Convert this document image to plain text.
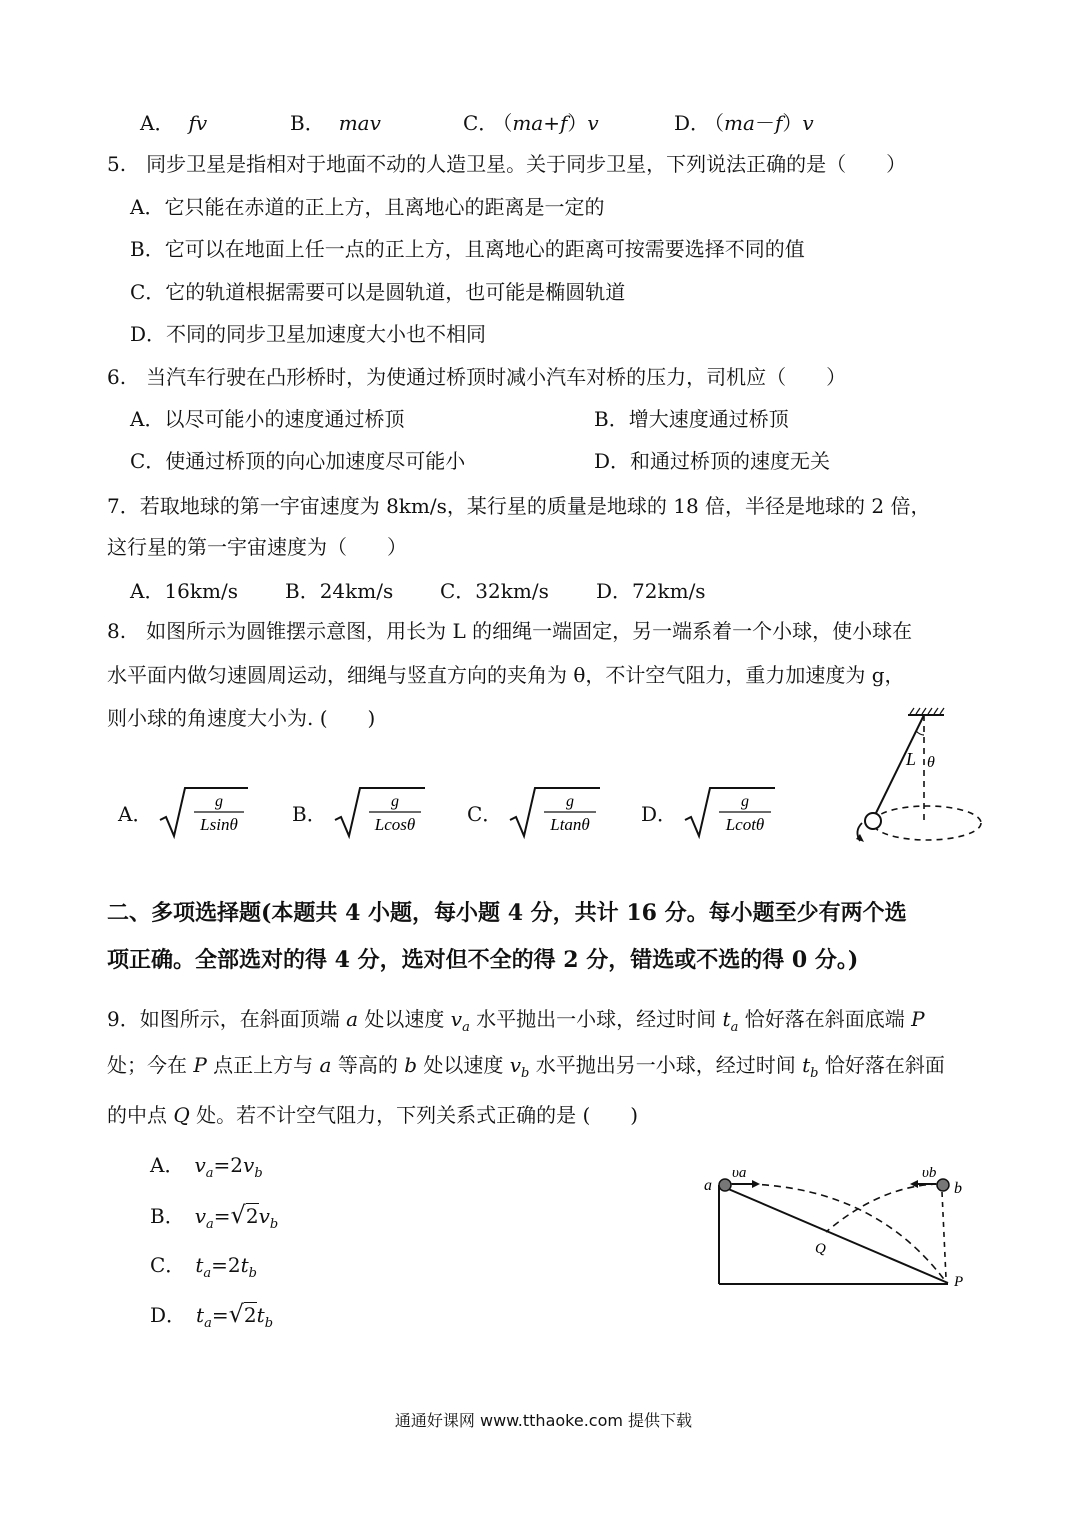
A． fv	B． mav	C． （ma+f）v	D． （ma－f）v
5.　同步卫星是指相对于地面不动的人造卫星。关于同步卫星，下列说法正确的是（　　）
A．它只能在赤道的正上方，且离地心的距离是一定的
B．它可以在地面上任一点的正上方，且离地心的距离可按需要选择不同的值
C．它的轨道根据需要可以是圆轨道，也可能是椭圆轨道
D．不同的同步卫星加速度大小也不相同
6.　当汽车行驶在凸形桥时，为使通过桥顶时减小汽车对桥的压力，司机应（　　）
A．以尽可能小的速度通过桥顶	B．增大速度通过桥顶
C．使通过桥顶的向心加速度尽可能小	D．和通过桥顶的速度无关
7．若取地球的第一宇宙速度为 8km/s，某行星的质量是地球的 18 倍，半径是地球的 2 倍，
这行星的第一宇宙速度为（　　）
A．16km/s B．24km/s C．32km/s D．72km/s
8.　如图所示为圆锥摆示意图，用长为 L 的细绳一端固定，另一端系着一个小球，使小球在
水平面内做匀速圆周运动，细绳与竖直方向的夹角为 θ，不计空气阻力，重力加速度为 g，
则小球的角速度大小为. (　　)
A．	g
Lsinθ	B．	g
Lcosθ	C．	g
Ltanθ	D．	g
Lcotθ
L θ
二、多项选择题(本题共 4 小题，每小题 4 分，共计 16 分。每小题至少有两个选
项正确。全部选对的得 4 分，选对但不全的得 2 分，错选或不选的得 0 分。)
9．如图所示，在斜面顶端 a 处以速度 $v_a$ 水平抛出一小球，经过时间 $t_a$ 恰好落在斜面底端 P
处；今在 P 点正上方与 a 等高的 b 处以速度 $v_b$ 水平抛出另一小球，经过时间 $t_b$ 恰好落在斜面
的中点 Q 处。若不计空气阻力，下列关系式正确的是 (　　)
A． $v_a=2v_b$
B． $v_a=√2v_b$
C． $t_a=2t_b$
D． $t_a=√2t_b$
a	b
υa	υb
Q
P
通通好课网 www.tthaoke.com 提供下载
